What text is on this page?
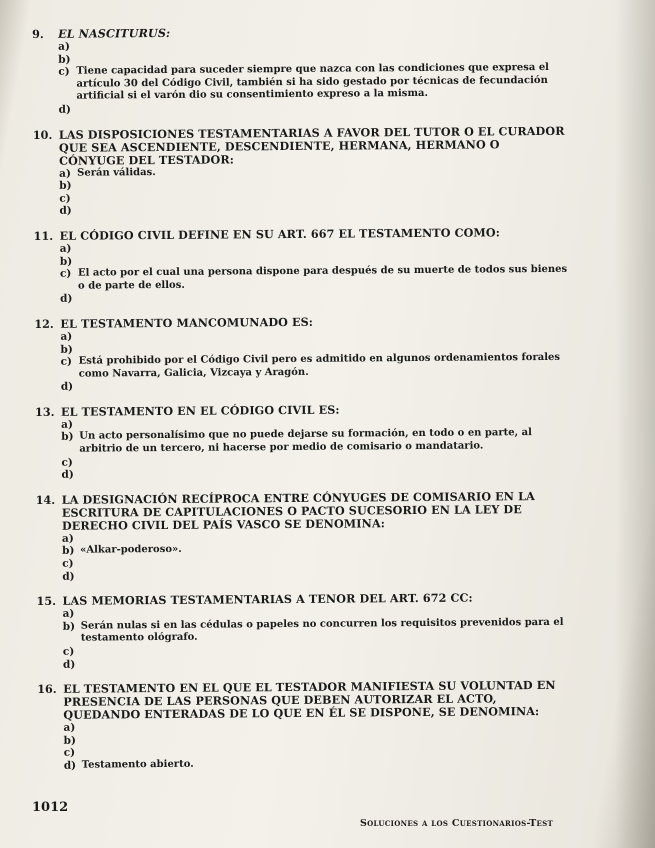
9.	EL NASCITURUS:
a)
b)
c) Tiene capacidad para suceder siempre que nazca con las condiciones que expresa el artículo 30 del Código Civil, también si ha sido gestado por técnicas de fecundación artificial si el varón dio su consentimiento expreso a la misma.
d)
10. LAS DISPOSICIONES TESTAMENTARIAS A FAVOR DEL TUTOR O EL CURADOR QUE SEA ASCENDIENTE, DESCENDIENTE, HERMANA, HERMANO O CÓNYUGE DEL TESTADOR:
a) Serán válidas.
b)
c)
d)
11. EL CÓDIGO CIVIL DEFINE EN SU ART. 667 EL TESTAMENTO COMO:
a)
b)
c) El acto por el cual una persona dispone para después de su muerte de todos sus bienes o de parte de ellos.
d)
12. EL TESTAMENTO MANCOMUNADO ES:
a)
b)
c) Está prohibido por el Código Civil pero es admitido en algunos ordenamientos forales como Navarra, Galicia, Vizcaya y Aragón.
d)
13. EL TESTAMENTO EN EL CÓDIGO CIVIL ES:
a)
b) Un acto personalísimo que no puede dejarse su formación, en todo o en parte, al arbitrio de un tercero, ni hacerse por medio de comisario o mandatario.
c)
d)
14. LA DESIGNACIÓN RECÍPROCA ENTRE CÓNYUGES DE COMISARIO EN LA ESCRITURA DE CAPITULACIONES O PACTO SUCESORIO EN LA LEY DE DERECHO CIVIL DEL PAÍS VASCO SE DENOMINA:
a)
b) «Alkar-poderoso».
c)
d)
15. LAS MEMORIAS TESTAMENTARIAS A TENOR DEL ART. 672 CC:
a)
b) Serán nulas si en las cédulas o papeles no concurren los requisitos prevenidos para el testamento ológrafo.
c)
d)
16. EL TESTAMENTO EN EL QUE EL TESTADOR MANIFIESTA SU VOLUNTAD EN PRESENCIA DE LAS PERSONAS QUE DEBEN AUTORIZAR EL ACTO, QUEDANDO ENTERADAS DE LO QUE EN ÉL SE DISPONE, SE DENOMINA:
a)
b)
c)
d) Testamento abierto.
1012
Soluciones a los Cuestionarios-Test
